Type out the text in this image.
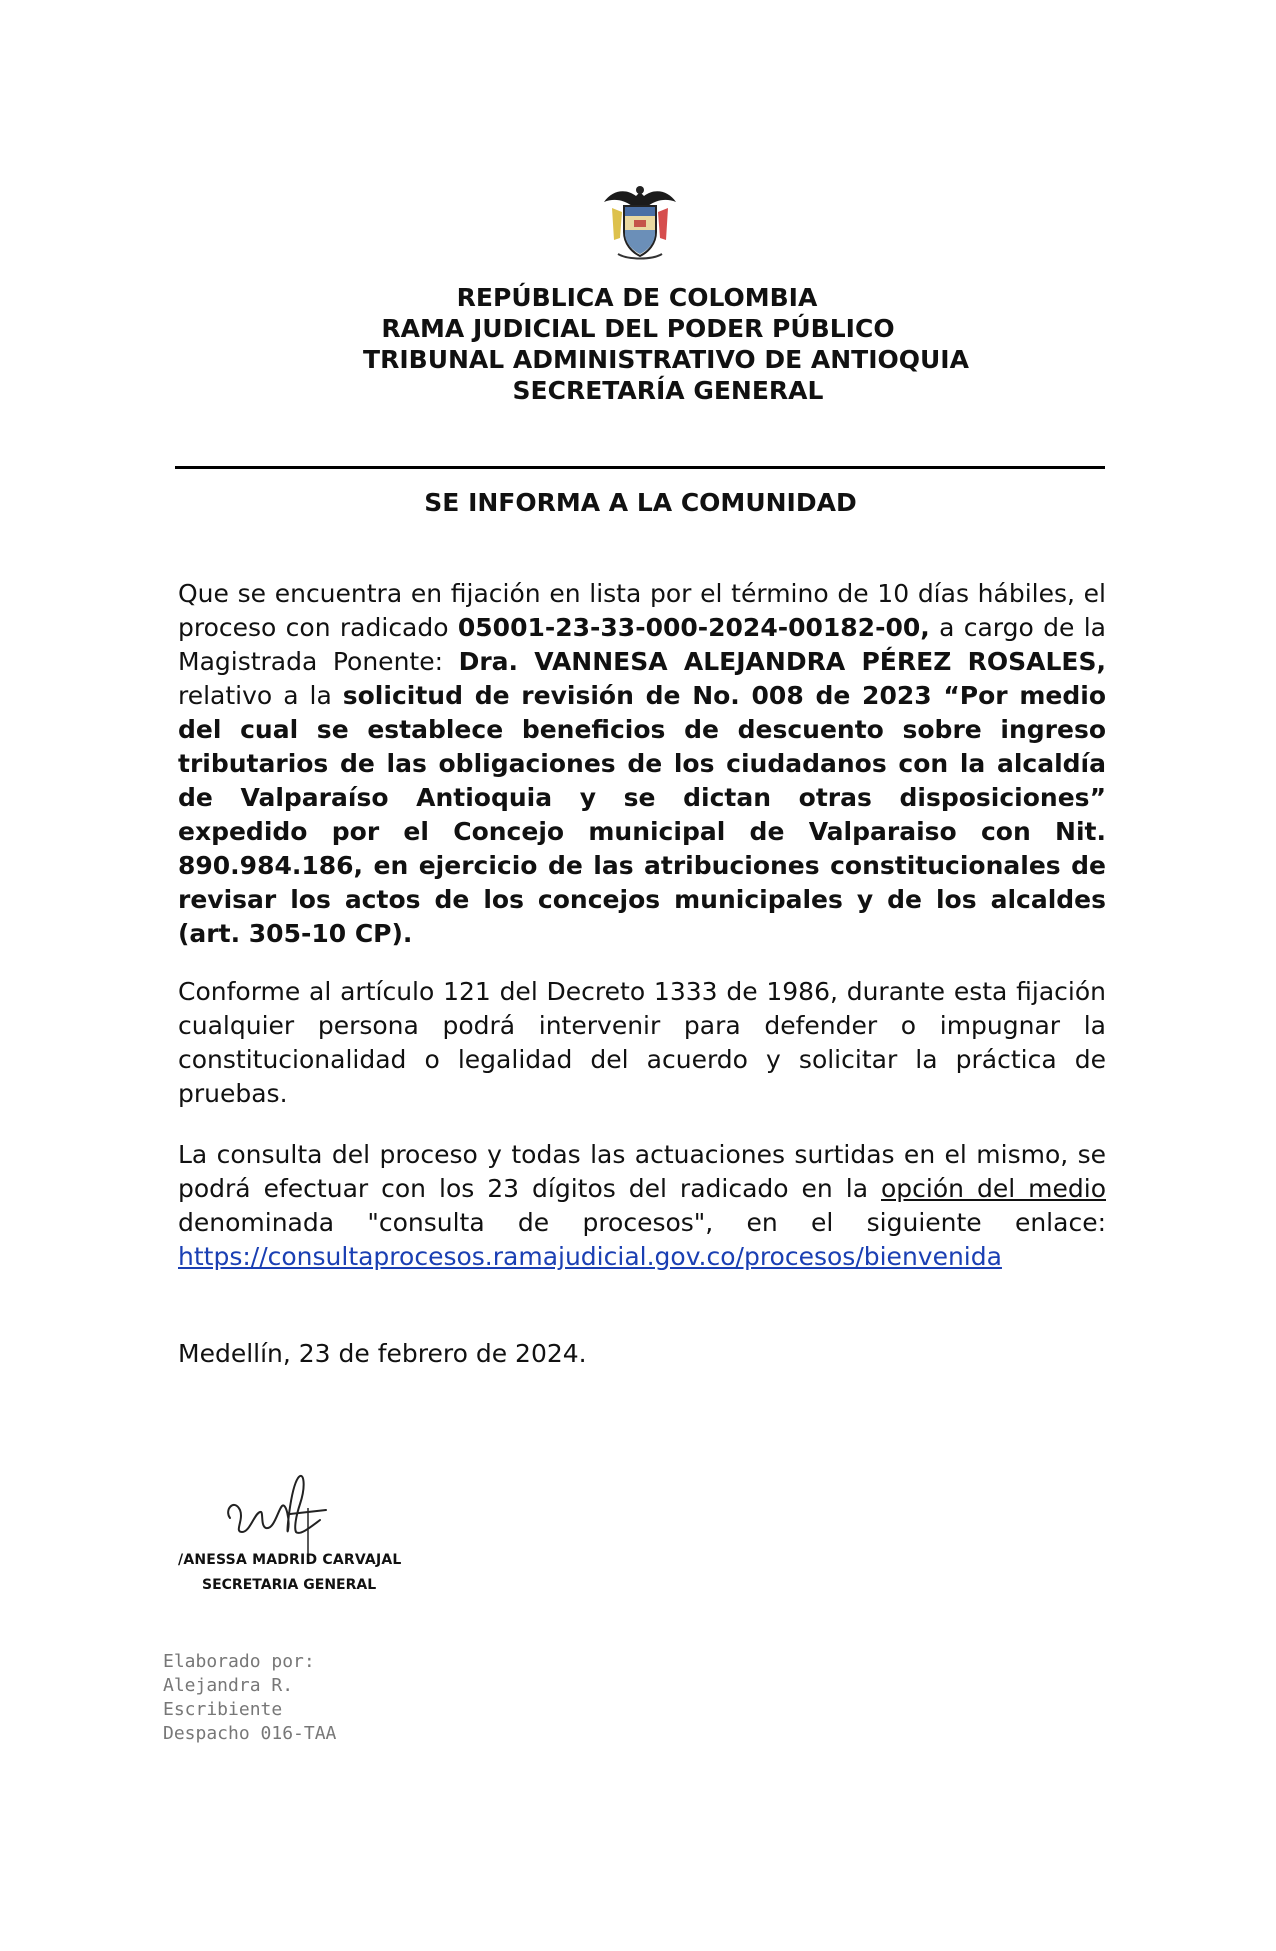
REPÚBLICA DE COLOMBIA
RAMA JUDICIAL DEL PODER PÚBLICO
TRIBUNAL ADMINISTRATIVO DE ANTIOQUIA
SECRETARÍA GENERAL
SE INFORMA A LA COMUNIDAD

Que se encuentra en fijación en lista por el término de 10 días hábiles, el proceso con radicado 05001-23-33-000-2024-00182-00, a cargo de la Magistrada Ponente: Dra. VANNESA ALEJANDRA PÉREZ ROSALES, relativo a la solicitud de revisión de No. 008 de 2023 “Por medio del cual se establece beneficios de descuento sobre ingreso tributarios de las obligaciones de los ciudadanos con la alcaldía de Valparaíso Antioquia y se dictan otras disposiciones” expedido por el Concejo municipal de Valparaiso con Nit. 890.984.186, en ejercicio de las atribuciones constitucionales de revisar los actos de los concejos municipales y de los alcaldes (art. 305-10 CP).

Conforme al artículo 121 del Decreto 1333 de 1986, durante esta fijación cualquier persona podrá intervenir para defender o impugnar la constitucionalidad o legalidad del acuerdo y solicitar la práctica de pruebas.

La consulta del proceso y todas las actuaciones surtidas en el mismo, se podrá efectuar con los 23 dígitos del radicado en la opción del medio denominada "consulta de procesos", en el siguiente enlace: https://consultaprocesos.ramajudicial.gov.co/procesos/bienvenida

Medellín, 23 de febrero de 2024.

/ANESSA MADRID CARVAJAL
SECRETARIA GENERAL
Elaborado por:
Alejandra R.
Escribiente
Despacho 016-TAA
